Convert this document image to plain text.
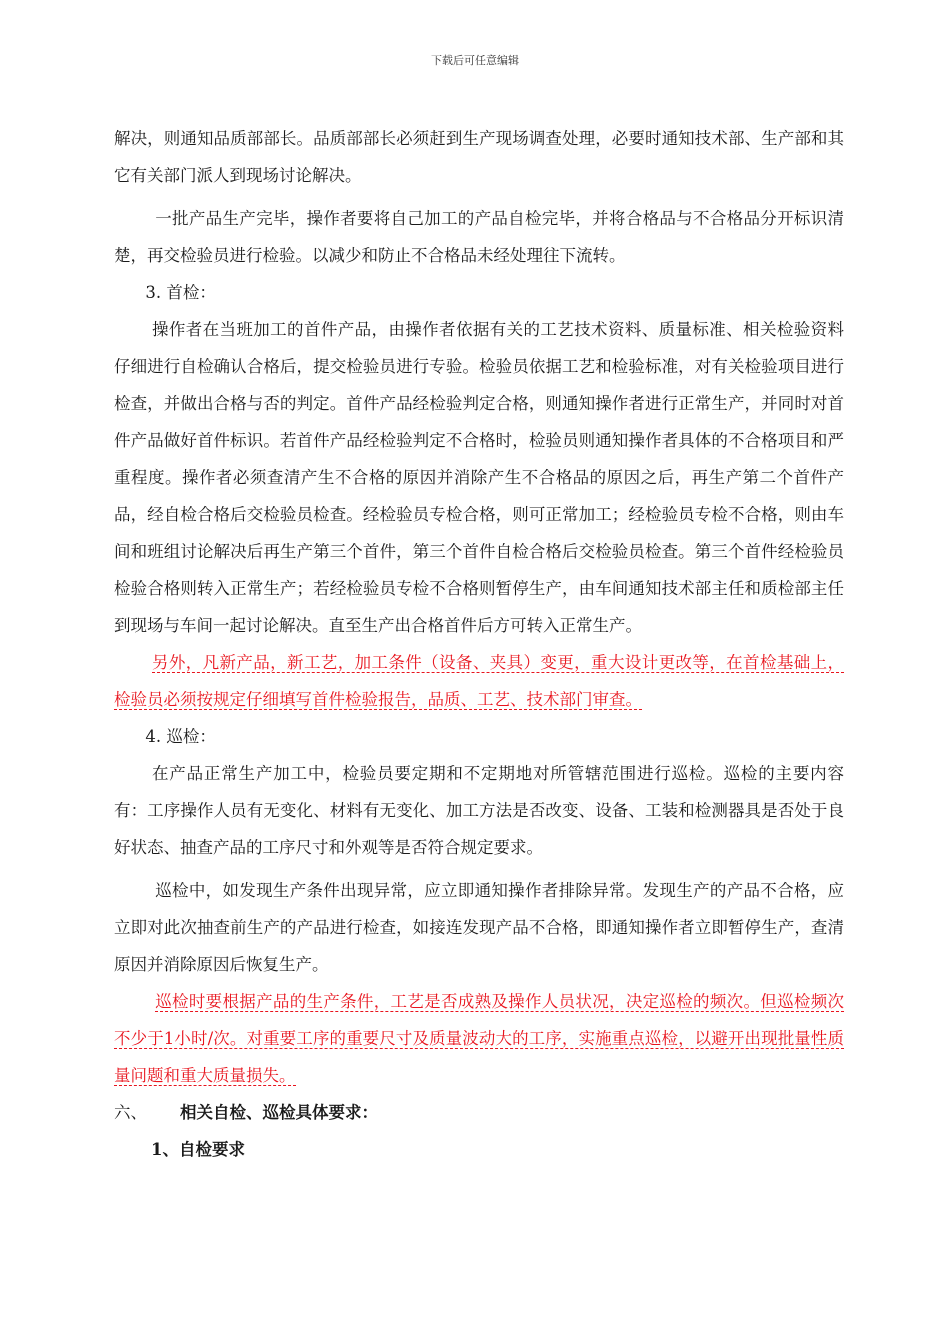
下载后可任意编辑

解决，则通知品质部部长。品质部部长必须赶到生产现场调查处理，必要时通知技术部、生产部和其它有关部门派人到现场讨论解决。

一批产品生产完毕，操作者要将自己加工的产品自检完毕，并将合格品与不合格品分开标识清楚，再交检验员进行检验。以减少和防止不合格品未经处理往下流转。

3. 首检：

操作者在当班加工的首件产品，由操作者依据有关的工艺技术资料、质量标准、相关检验资料仔细进行自检确认合格后，提交检验员进行专验。检验员依据工艺和检验标准，对有关检验项目进行检查，并做出合格与否的判定。首件产品经检验判定合格，则通知操作者进行正常生产，并同时对首件产品做好首件标识。若首件产品经检验判定不合格时，检验员则通知操作者具体的不合格项目和严重程度。操作者必须查清产生不合格的原因并消除产生不合格品的原因之后，再生产第二个首件产品，经自检合格后交检验员检查。经检验员专检合格，则可正常加工；经检验员专检不合格，则由车间和班组讨论解决后再生产第三个首件，第三个首件自检合格后交检验员检查。第三个首件经检验员检验合格则转入正常生产；若经检验员专检不合格则暂停生产，由车间通知技术部主任和质检部主任到现场与车间一起讨论解决。直至生产出合格首件后方可转入正常生产。

另外，凡新产品，新工艺，加工条件（设备、夹具）变更，重大设计更改等，在首检基础上，检验员必须按规定仔细填写首件检验报告，品质、工艺、技术部门审查。

4. 巡检：

在产品正常生产加工中，检验员要定期和不定期地对所管辖范围进行巡检。巡检的主要内容有：工序操作人员有无变化、材料有无变化、加工方法是否改变、设备、工装和检测器具是否处于良好状态、抽查产品的工序尺寸和外观等是否符合规定要求。

巡检中，如发现生产条件出现异常，应立即通知操作者排除异常。发现生产的产品不合格，应立即对此次抽查前生产的产品进行检查，如接连发现产品不合格，即通知操作者立即暂停生产，查清原因并消除原因后恢复生产。

巡检时要根据产品的生产条件，工艺是否成熟及操作人员状况，决定巡检的频次。但巡检频次不少于1小时/次。对重要工序的重要尺寸及质量波动大的工序，实施重点巡检，以避开出现批量性质量问题和重大质量损失。

六、 相关自检、巡检具体要求：

1、自检要求
